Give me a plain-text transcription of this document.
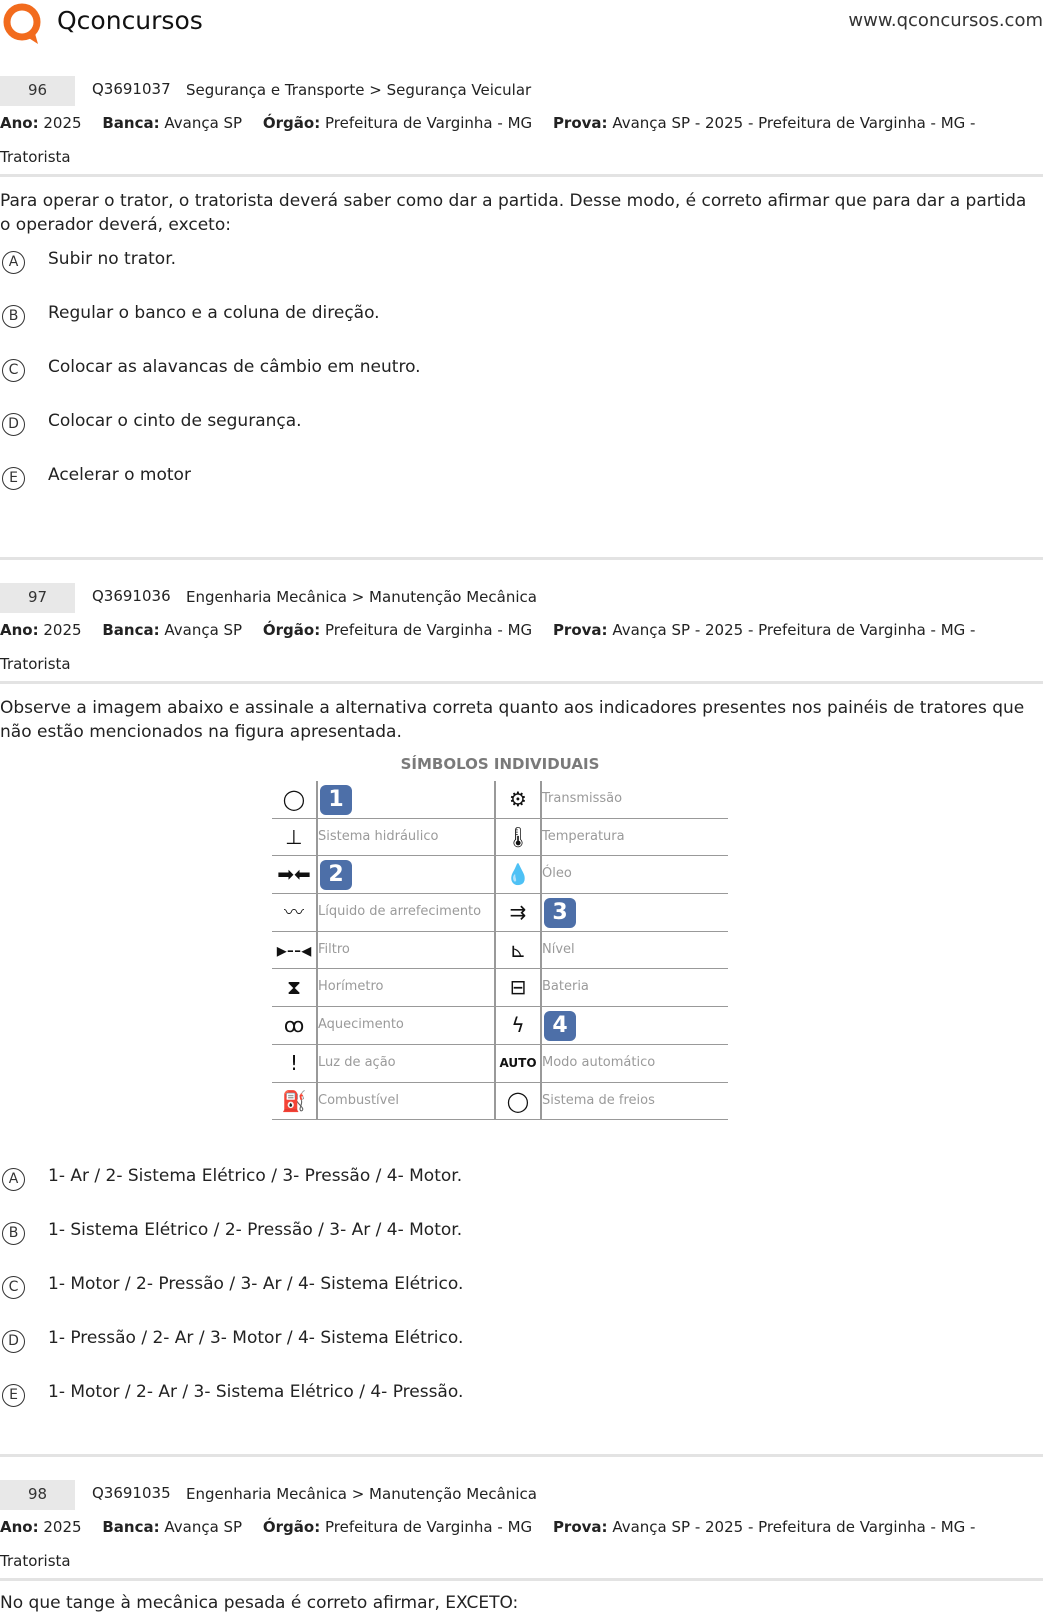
Qconcursos	www.qconcursos.com
96	Q3691037 Segurança e Transporte > Segurança Veicular
Ano: 2025 Banca: Avança SP Órgão: Prefeitura de Varginha - MG Prova: Avança SP - 2025 - Prefeitura de Varginha - MG -
Tratorista
Para operar o trator, o tratorista deverá saber como dar a partida. Desse modo, é correto afirmar que para dar a partida o operador deverá, exceto:
A	Subir no trator.
B	Regular o banco e a coluna de direção.
C	Colocar as alavancas de câmbio em neutro.
D	Colocar o cinto de segurança.
E	Acelerar o motor
97	Q3691036 Engenharia Mecânica > Manutenção Mecânica
Ano: 2025 Banca: Avança SP Órgão: Prefeitura de Varginha - MG Prova: Avança SP - 2025 - Prefeitura de Varginha - MG -
Tratorista
Observe a imagem abaixo e assinale a alternativa correta quanto aos indicadores presentes nos painéis de tratores que não estão mencionados na figura apresentada.
SÍMBOLOS INDIVIDUAIS
◯	1	⚙	Transmissão
⊥	Sistema hidráulico	🌡 Temperatura
➡⬅ 2	💧 Óleo
〰	Líquido de arrefecimento	⇉	3
▸‐‐◂ Filtro	⊾	Nível
⧗	Horímetro	⊟	Bateria
ꝏ	Aquecimento	ϟ	4
!	Luz de ação	AUTO Modo automático
⛽ Combustível	◯ Sistema de freios
A	1- Ar / 2- Sistema Elétrico / 3- Pressão / 4- Motor.
B	1- Sistema Elétrico / 2- Pressão / 3- Ar / 4- Motor.
C	1- Motor / 2- Pressão / 3- Ar / 4- Sistema Elétrico.
D	1- Pressão / 2- Ar / 3- Motor / 4- Sistema Elétrico.
E	1- Motor / 2- Ar / 3- Sistema Elétrico / 4- Pressão.
98	Q3691035 Engenharia Mecânica > Manutenção Mecânica
Ano: 2025 Banca: Avança SP Órgão: Prefeitura de Varginha - MG Prova: Avança SP - 2025 - Prefeitura de Varginha - MG -
Tratorista
No que tange à mecânica pesada é correto afirmar, EXCETO:
